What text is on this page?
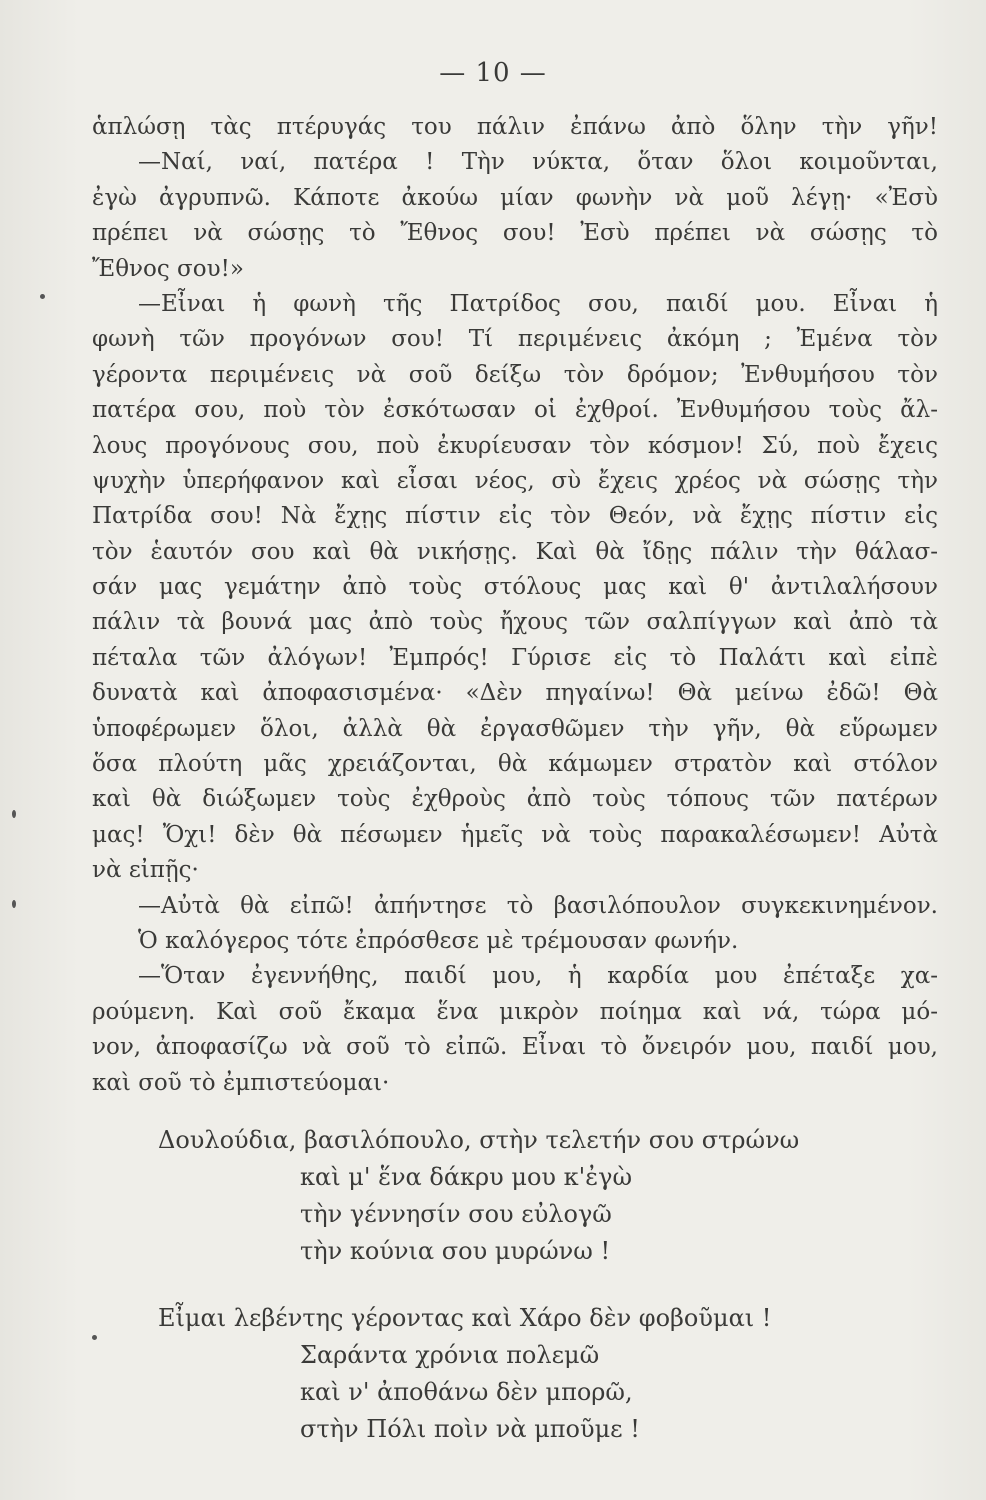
— 10 —
ἁπλώσῃ τὰς πτέρυγάς του πάλιν ἐπάνω ἀπὸ ὅλην τὴν γῆν!
—Ναί, ναί, πατέρα ! Τὴν νύκτα, ὅταν ὅλοι κοιμοῦνται,
ἐγὼ ἀγρυπνῶ. Κάποτε ἀκούω μίαν φωνὴν νὰ μοῦ λέγῃ· «Ἐσὺ
πρέπει νὰ σώσῃς τὸ Ἔθνος σου! Ἐσὺ πρέπει νὰ σώσῃς τὸ
Ἔθνος σου!»
—Εἶναι ἡ φωνὴ τῆς Πατρίδος σου, παιδί μου. Εἶναι ἡ
φωνὴ τῶν προγόνων σου! Τί περιμένεις ἀκόμη ; Ἐμένα τὸν
γέροντα περιμένεις νὰ σοῦ δείξω τὸν δρόμον; Ἐνθυμήσου τὸν
πατέρα σου, ποὺ τὸν ἐσκότωσαν οἱ ἐχθροί. Ἐνθυμήσου τοὺς ἄλ-
λους προγόνους σου, ποὺ ἐκυρίευσαν τὸν κόσμον! Σύ, ποὺ ἔχεις
ψυχὴν ὑπερήφανον καὶ εἶσαι νέος, σὺ ἔχεις χρέος νὰ σώσῃς τὴν
Πατρίδα σου! Νὰ ἔχῃς πίστιν εἰς τὸν Θεόν, νὰ ἔχῃς πίστιν εἰς
τὸν ἑαυτόν σου καὶ θὰ νικήσῃς. Καὶ θὰ ἴδῃς πάλιν τὴν θάλασ-
σάν μας γεμάτην ἀπὸ τοὺς στόλους μας καὶ θ' ἀντιλαλήσουν
πάλιν τὰ βουνά μας ἀπὸ τοὺς ἤχους τῶν σαλπίγγων καὶ ἀπὸ τὰ
πέταλα τῶν ἀλόγων! Ἐμπρός! Γύρισε εἰς τὸ Παλάτι καὶ εἰπὲ
δυνατὰ καὶ ἀποφασισμένα· «Δὲν πηγαίνω! Θὰ μείνω ἐδῶ! Θὰ
ὑποφέρωμεν ὅλοι, ἀλλὰ θὰ ἐργασθῶμεν τὴν γῆν, θὰ εὕρωμεν
ὅσα πλούτη μᾶς χρειάζονται, θὰ κάμωμεν στρατὸν καὶ στόλον
καὶ θὰ διώξωμεν τοὺς ἐχθροὺς ἀπὸ τοὺς τόπους τῶν πατέρων
μας! Ὄχι! δὲν θὰ πέσωμεν ἡμεῖς νὰ τοὺς παρακαλέσωμεν! Αὐτὰ
νὰ εἰπῇς·
—Αὐτὰ θὰ εἰπῶ! ἀπήντησε τὸ βασιλόπουλον συγκεκινημένον.
Ὁ καλόγερος τότε ἐπρόσθεσε μὲ τρέμουσαν φωνήν.
—Ὅταν ἐγεννήθης, παιδί μου, ἡ καρδία μου ἐπέταξε χα-
ρούμενη. Καὶ σοῦ ἔκαμα ἕνα μικρὸν ποίημα καὶ νά, τώρα μό-
νον, ἀποφασίζω νὰ σοῦ τὸ εἰπῶ. Εἶναι τὸ ὄνειρόν μου, παιδί μου,
καὶ σοῦ τὸ ἐμπιστεύομαι·
Δουλούδια, βασιλόπουλο, στὴν τελετήν σου στρώνω
καὶ μ' ἕνα δάκρυ μου κ'ἐγὼ
τὴν γέννησίν σου εὐλογῶ
τὴν κούνια σου μυρώνω !
Εἶμαι λεβέντης γέροντας καὶ Χάρο δὲν φοβοῦμαι !
Σαράντα χρόνια πολεμῶ
καὶ ν' ἀποθάνω δὲν μπορῶ,
στὴν Πόλι ποὶν νὰ μποῦμε !
